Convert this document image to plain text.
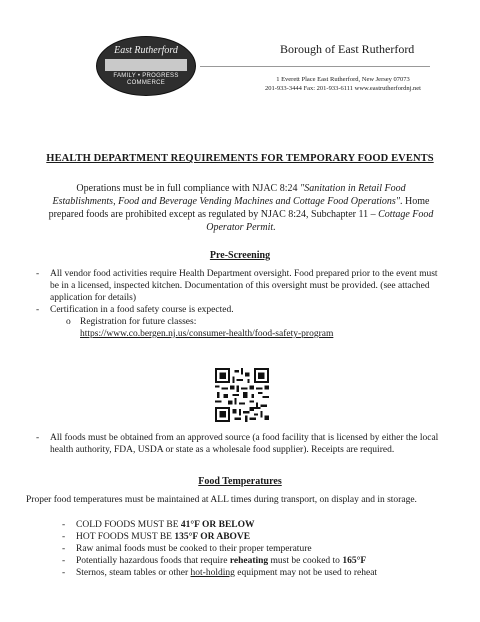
East Rutherford
FAMILY • PROGRESS
COMMERCE
Borough of East Rutherford
1 Everett Place East Rutherford, New Jersey 07073
201-933-3444 Fax: 201-933-6111 www.eastrutherfordnj.net
HEALTH DEPARTMENT REQUIREMENTS FOR TEMPORARY FOOD EVENTS
Operations must be in full compliance with NJAC 8:24 "Sanitation in Retail Food Establishments, Food and Beverage Vending Machines and Cottage Food Operations". Home prepared foods are prohibited except as regulated by NJAC 8:24, Subchapter 11 – Cottage Food Operator Permit.
Pre-Screening
- All vendor food activities require Health Department oversight. Food prepared prior to the event must be in a licensed, inspected kitchen. Documentation of this oversight must be provided. (see attached application for details)
- Certification in a food safety course is expected.
o Registration for future classes:
https://www.co.bergen.nj.us/consumer-health/food-safety-program
- All foods must be obtained from an approved source (a food facility that is licensed by either the local health authority, FDA, USDA or state as a wholesale food supplier). Receipts are required.
Food Temperatures
Proper food temperatures must be maintained at ALL times during transport, on display and in storage.
- COLD FOODS MUST BE 41°F OR BELOW
- HOT FOODS MUST BE 135°F OR ABOVE
- Raw animal foods must be cooked to their proper temperature
- Potentially hazardous foods that require reheating must be cooked to 165°F
- Sternos, steam tables or other hot-holding equipment may not be used to reheat
